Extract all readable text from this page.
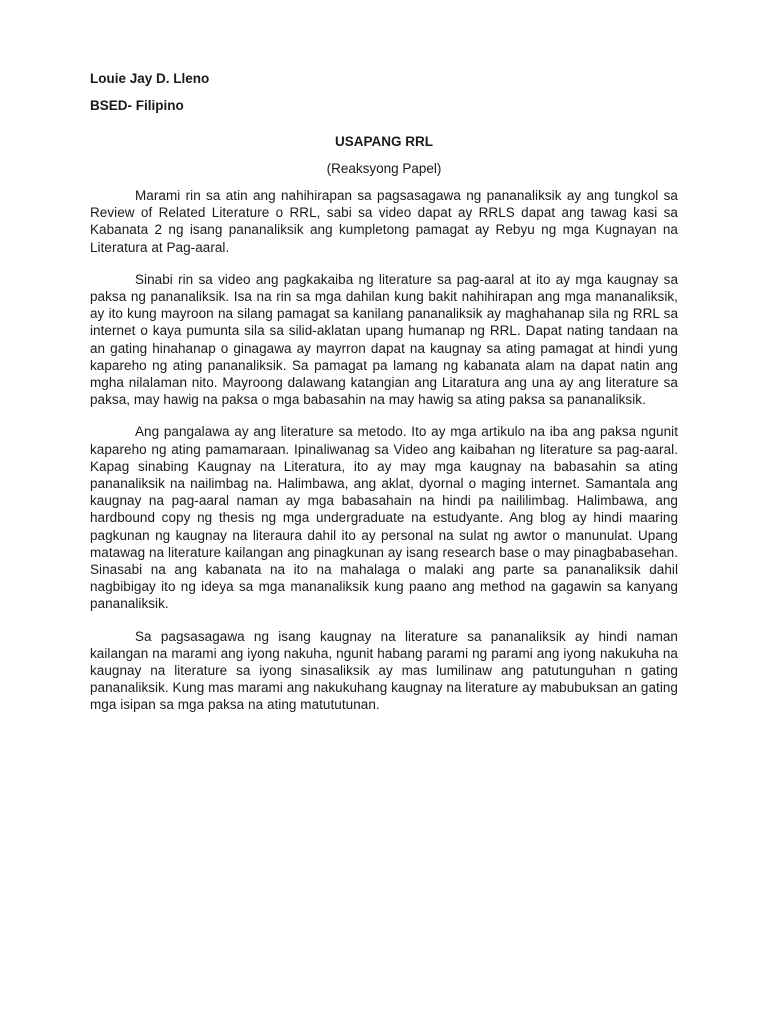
Louie Jay D. Lleno

BSED- Filipino

USAPANG RRL

(Reaksyong Papel)

Marami rin sa atin ang nahihirapan sa pagsasagawa ng pananaliksik ay ang tungkol sa Review of Related Literature o RRL, sabi sa video dapat ay RRLS dapat ang tawag kasi sa Kabanata 2 ng isang pananaliksik ang kumpletong pamagat ay Rebyu ng mga Kugnayan na Literatura at Pag-aaral.

Sinabi rin sa video ang pagkakaiba ng literature sa pag-aaral at ito ay mga kaugnay sa paksa ng pananaliksik. Isa na rin sa mga dahilan kung bakit nahihirapan ang mga mananaliksik, ay ito kung mayroon na silang pamagat sa kanilang pananaliksik ay maghahanap sila ng RRL sa internet o kaya pumunta sila sa silid-aklatan upang humanap ng RRL. Dapat nating tandaan na an gating hinahanap o ginagawa ay mayrron dapat na kaugnay sa ating pamagat at hindi yung kapareho ng ating pananaliksik. Sa pamagat pa lamang ng kabanata alam na dapat natin ang mgha nilalaman nito. Mayroong dalawang katangian ang Litaratura ang una ay ang literature sa paksa, may hawig na paksa o mga babasahin na may hawig sa ating paksa sa pananaliksik.

Ang pangalawa ay ang literature sa metodo. Ito ay mga artikulo na iba ang paksa ngunit kapareho ng ating pamamaraan. Ipinaliwanag sa Video ang kaibahan ng literature sa pag-aaral. Kapag sinabing Kaugnay na Literatura, ito ay may mga kaugnay na babasahin sa ating pananaliksik na nailimbag na. Halimbawa, ang aklat, dyornal o maging internet. Samantala ang kaugnay na pag-aaral naman ay mga babasahain na hindi pa naililimbag. Halimbawa, ang hardbound copy ng thesis ng mga undergraduate na estudyante. Ang blog ay hindi maaring pagkunan ng kaugnay na literaura dahil ito ay personal na sulat ng awtor o manunulat. Upang matawag na literature kailangan ang pinagkunan ay isang research base o may pinagbabasehan. Sinasabi na ang kabanata na ito na mahalaga o malaki ang parte sa pananaliksik dahil nagbibigay ito ng ideya sa mga mananaliksik kung paano ang method na gagawin sa kanyang pananaliksik.

Sa pagsasagawa ng isang kaugnay na literature sa pananaliksik ay hindi naman kailangan na marami ang iyong nakuha, ngunit habang parami ng parami ang iyong nakukuha na kaugnay na literature sa iyong sinasaliksik ay mas lumilinaw ang patutunguhan n gating pananaliksik. Kung mas marami ang nakukuhang kaugnay na literature ay mabubuksan an gating mga isipan sa mga paksa na ating matututunan.
